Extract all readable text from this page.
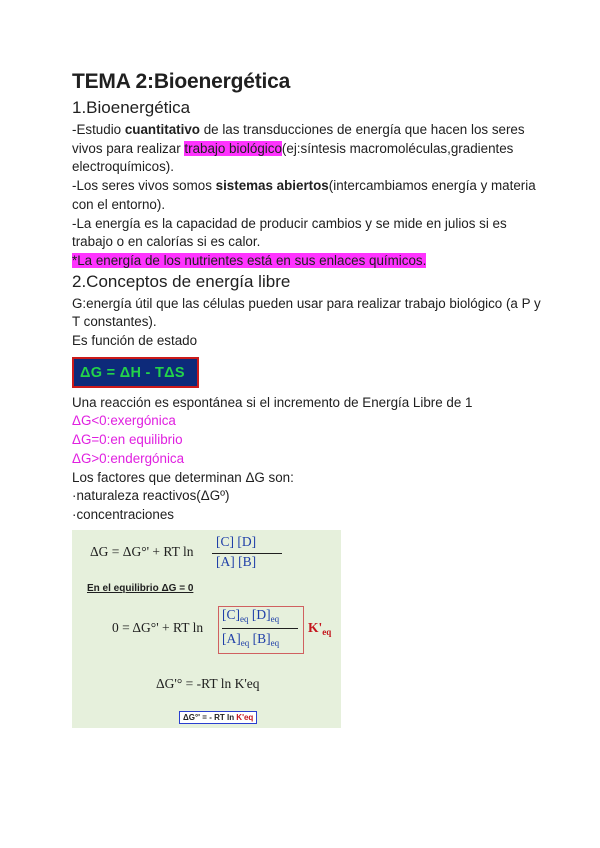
TEMA 2:Bioenergética
1.Bioenergética

-Estudio cuantitativo de las transducciones de energía que hacen los seres vivos para realizar trabajo biológico(ej:síntesis macromoléculas,gradientes electroquímicos).

-Los seres vivos somos sistemas abiertos(intercambiamos energía y materia con el entorno).

-La energía es la capacidad de producir cambios y se mide en julios si es trabajo o en calorías si es calor.

*La energía de los nutrientes está en sus enlaces químicos.

2.Conceptos de energía libre

G:energía útil que las células pueden usar para realizar trabajo biológico (a P y T constantes).

Es función de estado

ΔG = ΔH - TΔS

Una reacción es espontánea si el incremento de Energía Libre de 1

ΔG<0:exergónica

ΔG=0:en equilibrio

ΔG>0:endergónica

Los factores que determinan ΔG son:

·naturaleza reactivos(ΔGº)

·concentraciones

ΔG = ΔG°' + RT ln
[C] [D]
[A] [B]
En el equilibrio ΔG = 0
0 = ΔG°' + RT ln
$[C]_{eq}$ $[D]_{eq}$
$[A]_{eq}$ $[B]_{eq}$
$K'_{eq}$
ΔG'° = -RT ln K'eq
ΔG°' = - RT ln K'eq
